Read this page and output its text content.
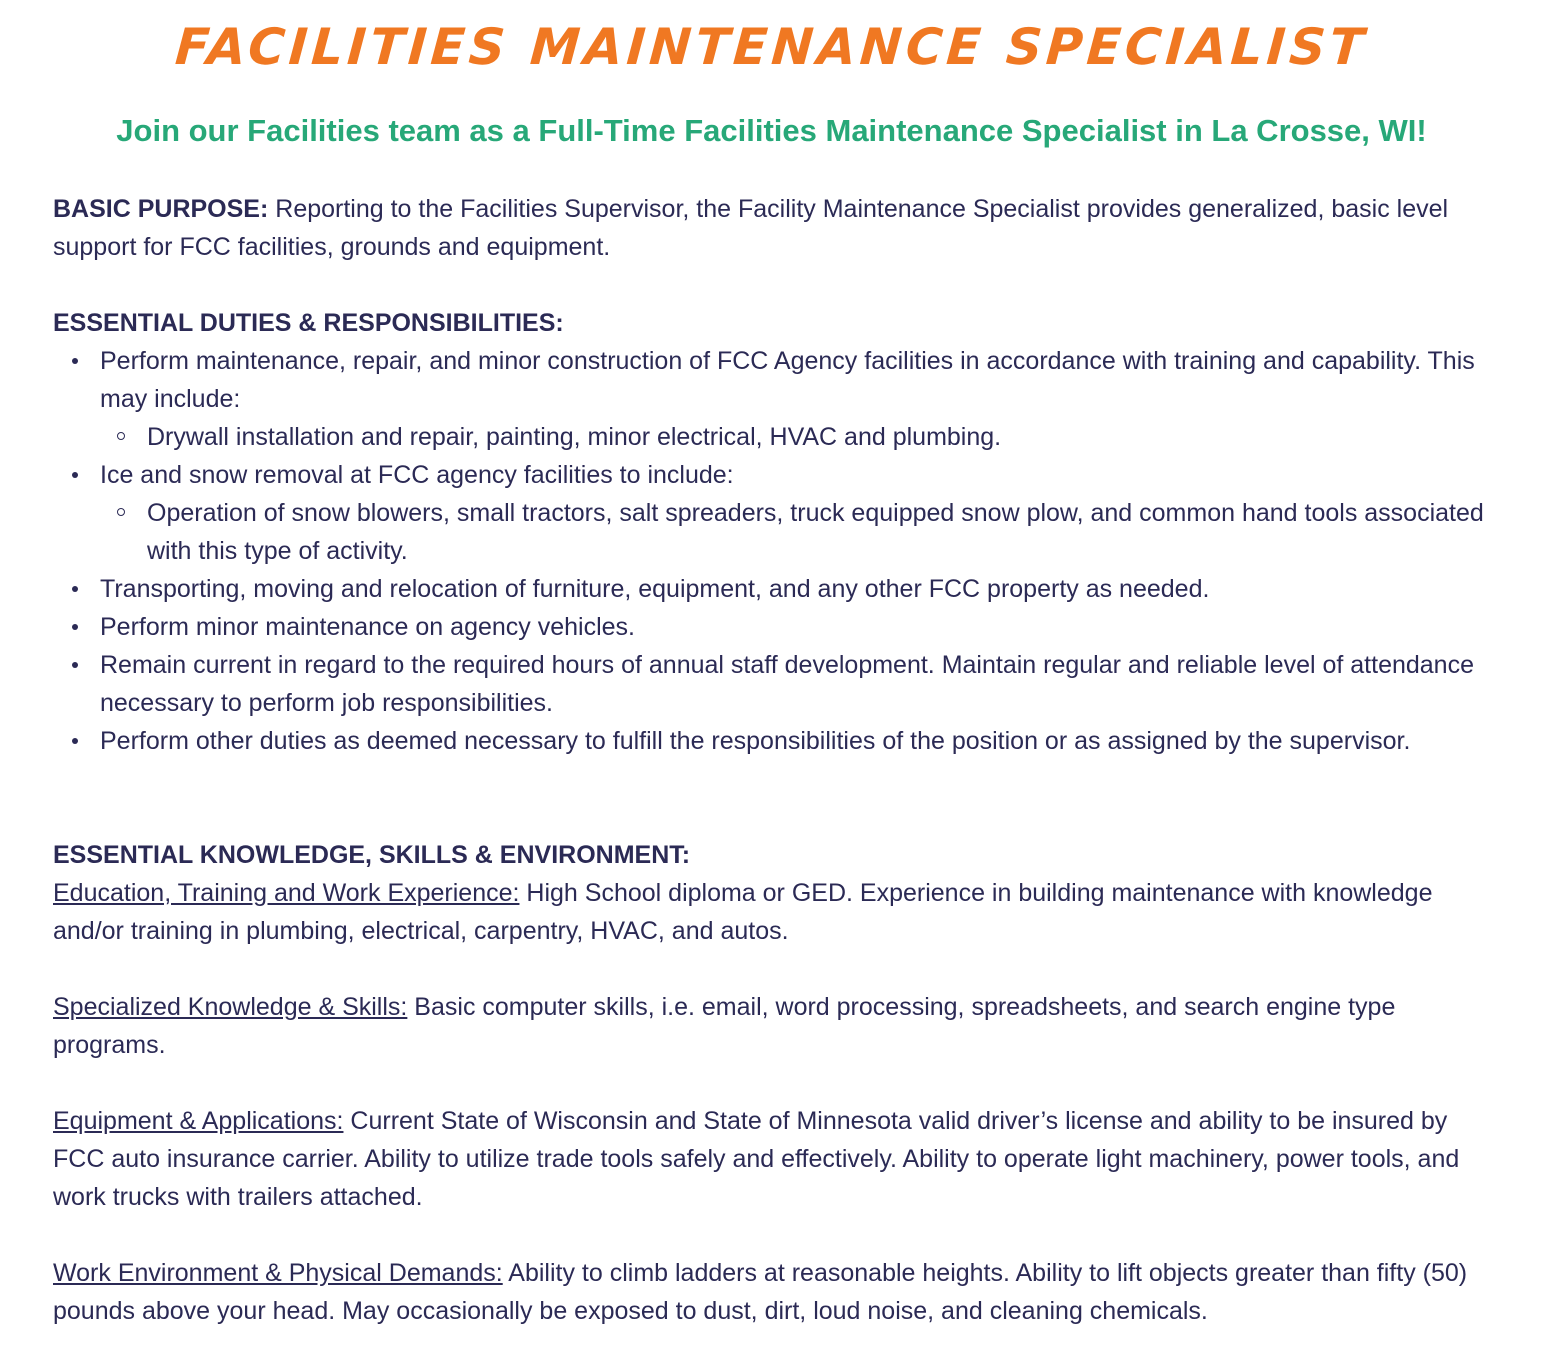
FACILITIES MAINTENANCE SPECIALIST
Join our Facilities team as a Full-Time Facilities Maintenance Specialist in La Crosse, WI!

BASIC PURPOSE: Reporting to the Facilities Supervisor, the Facility Maintenance Specialist provides generalized, basic level support for FCC facilities, grounds and equipment.

ESSENTIAL DUTIES & RESPONSIBILITIES:

Perform maintenance, repair, and minor construction of FCC Agency facilities in accordance with training and capability. This may include:
Drywall installation and repair, painting, minor electrical, HVAC and plumbing.
Ice and snow removal at FCC agency facilities to include:
Operation of snow blowers, small tractors, salt spreaders, truck equipped snow plow, and common hand tools associated with this type of activity.
Transporting, moving and relocation of furniture, equipment, and any other FCC property as needed.
Perform minor maintenance on agency vehicles.
Remain current in regard to the required hours of annual staff development. Maintain regular and reliable level of attendance necessary to perform job responsibilities.
Perform other duties as deemed necessary to fulfill the responsibilities of the position or as assigned by the supervisor.

ESSENTIAL KNOWLEDGE, SKILLS & ENVIRONMENT:

Education, Training and Work Experience: High School diploma or GED. Experience in building maintenance with knowledge and/or training in plumbing, electrical, carpentry, HVAC, and autos.

Specialized Knowledge & Skills: Basic computer skills, i.e. email, word processing, spreadsheets, and search engine type programs.

Equipment & Applications: Current State of Wisconsin and State of Minnesota valid driver’s license and ability to be insured by FCC auto insurance carrier. Ability to utilize trade tools safely and effectively. Ability to operate light machinery, power tools, and work trucks with trailers attached.

Work Environment & Physical Demands: Ability to climb ladders at reasonable heights. Ability to lift objects greater than fifty (50) pounds above your head. May occasionally be exposed to dust, dirt, loud noise, and cleaning chemicals.
